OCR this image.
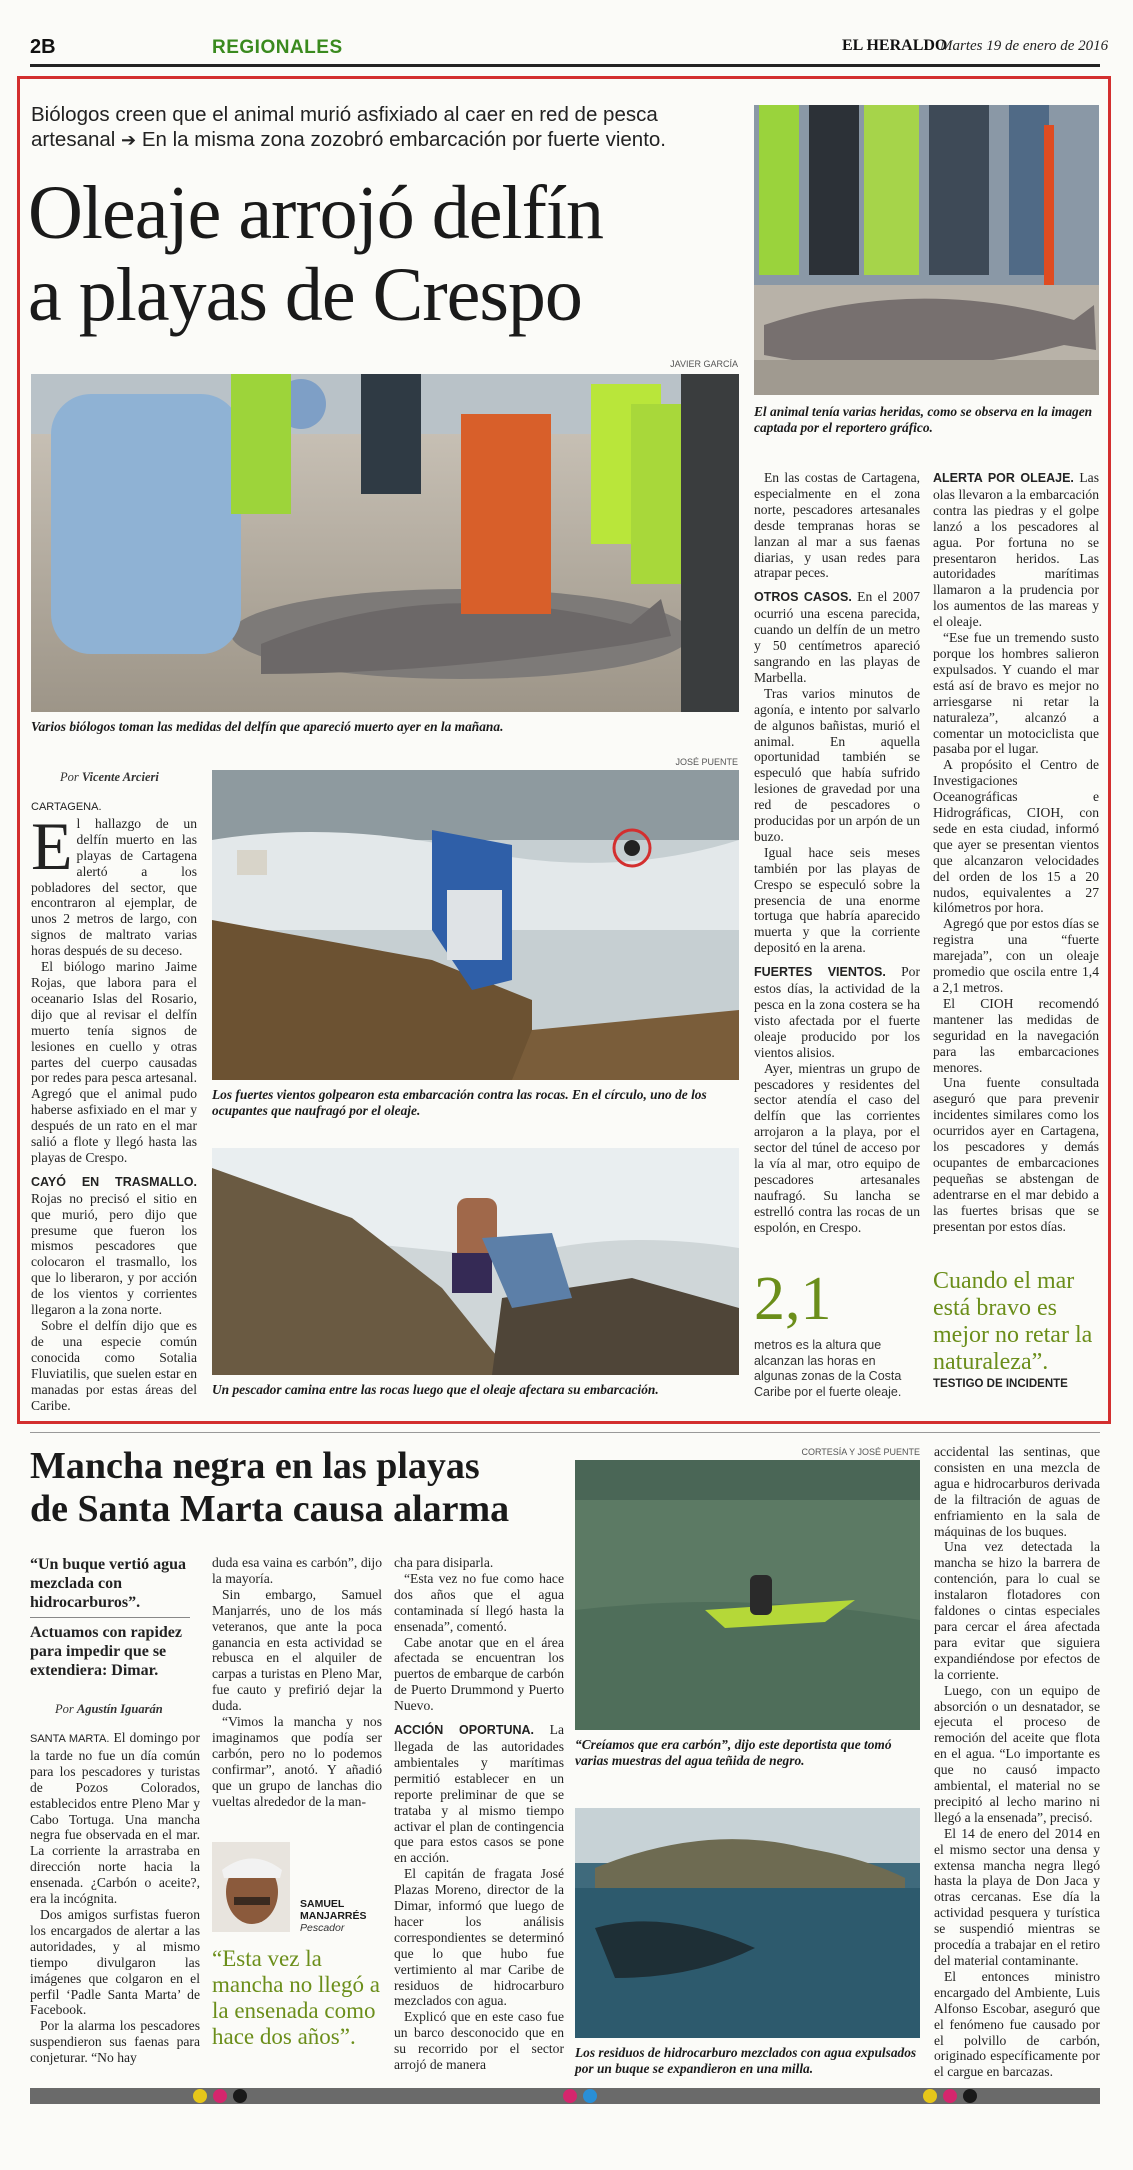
2B	REGIONALES	EL HERALDO
Martes 19 de enero de 2016
Biólogos creen que el animal murió asfixiado al caer en red de pesca artesanal ➔ En la misma zona zozobró embarcación por fuerte viento.
Oleaje arrojó delfín
a playas de Crespo
JAVIER GARCÍA
Varios biólogos toman las medidas del delfín que apareció muerto ayer en la mañana.
El animal tenía varias heridas, como se observa en la imagen captada por el reportero gráfico.
Por Vicente Arcieri

CARTAGENA.

El hallazgo de un delfín muerto en las playas de Cartagena alertó a los pobladores del sector, que encontraron al ejemplar, de unos 2 metros de largo, con signos de maltrato varias horas después de su deceso.

El biólogo marino Jaime Rojas, que labora para el oceanario Islas del Rosario, dijo que al revisar el delfín muerto tenía signos de lesiones en cuello y otras partes del cuerpo causadas por redes para pesca artesanal. Agregó que el animal pudo haberse asfixiado en el mar y después de un rato en el mar salió a flote y llegó hasta las playas de Crespo.

CAYÓ EN TRASMALLO. Rojas no precisó el sitio en que murió, pero dijo que presume que fueron los mismos pescadores que colocaron el trasmallo, los que lo liberaron, y por acción de los vientos y corrientes llegaron a la zona norte.

Sobre el delfín dijo que es de una especie común conocida como Sotalia Fluviatilis, que suelen estar en manadas por estas áreas del Caribe.

JOSÉ PUENTE
Los fuertes vientos golpearon esta embarcación contra las rocas. En el círculo, uno de los ocupantes que naufragó por el oleaje.
Un pescador camina entre las rocas luego que el oleaje afectara su embarcación.

En las costas de Cartagena, especialmente en el zona norte, pescadores artesanales desde tempranas horas se lanzan al mar a sus faenas diarias, y usan redes para atrapar peces.

OTROS CASOS. En el 2007 ocurrió una escena parecida, cuando un delfín de un metro y 50 centímetros apareció sangrando en las playas de Marbella.

Tras varios minutos de agonía, e intento por salvarlo de algunos bañistas, murió el animal. En aquella oportunidad también se especuló que había sufrido lesiones de gravedad por una red de pescadores o producidas por un arpón de un buzo.

Igual hace seis meses también por las playas de Crespo se especuló sobre la presencia de una enorme tortuga que habría aparecido muerta y que la corriente depositó en la arena.

FUERTES VIENTOS. Por estos días, la actividad de la pesca en la zona costera se ha visto afectada por el fuerte oleaje producido por los vientos alisios.

Ayer, mientras un grupo de pescadores y residentes del sector atendía el caso del delfín que las corrientes arrojaron a la playa, por el sector del túnel de acceso por la vía al mar, otro equipo de pescadores artesanales naufragó. Su lancha se estrelló contra las rocas de un espolón, en Crespo.

ALERTA POR OLEAJE. Las olas llevaron a la embarcación contra las piedras y el golpe lanzó a los pescadores al agua. Por fortuna no se presentaron heridos. Las autoridades marítimas llamaron a la prudencia por los aumentos de las mareas y el oleaje.

“Ese fue un tremendo susto porque los hombres salieron expulsados. Y cuando el mar está así de bravo es mejor no arriesgarse ni retar la naturaleza”, alcanzó a comentar un motociclista que pasaba por el lugar.

A propósito el Centro de Investigaciones Oceanográficas e Hidrográficas, CIOH, con sede en esta ciudad, informó que ayer se presentan vientos que alcanzaron velocidades del orden de los 15 a 20 nudos, equivalentes a 27 kilómetros por hora.

Agregó que por estos días se registra una “fuerte marejada”, con un oleaje promedio que oscila entre 1,4 a 2,1 metros.

El CIOH recomendó mantener las medidas de seguridad en la navegación para las embarcaciones menores.

Una fuente consultada aseguró que para prevenir incidentes similares como los ocurridos ayer en Cartagena, los pescadores y demás ocupantes de embarcaciones pequeñas se abstengan de adentrarse en el mar debido a las fuertes brisas que se presentan por estos días.

2,1
metros es la altura que alcanzan las horas en algunas zonas de la Costa Caribe por el fuerte oleaje.
Cuando el mar está bravo es mejor no retar la naturaleza”.
TESTIGO DE INCIDENTE
Mancha negra en las playas
de Santa Marta causa alarma
“Un buque vertió agua mezclada con hidrocarburos”.
Actuamos con rapidez para impedir que se extendiera: Dimar.
Por Agustín Iguarán

SANTA MARTA. El domingo por la tarde no fue un día común para los pescadores y turistas de Pozos Colorados, establecidos entre Pleno Mar y Cabo Tortuga. Una mancha negra fue observada en el mar. La corriente la arrastraba en dirección norte hacia la ensenada. ¿Carbón o aceite?, era la incógnita.

Dos amigos surfistas fueron los encargados de alertar a las autoridades, y al mismo tiempo divulgaron las imágenes que colgaron en el perfil ‘Padle Santa Marta’ de Facebook.

Por la alarma los pescadores suspendieron sus faenas para conjeturar. “No hay

duda esa vaina es carbón”, dijo la mayoría.

Sin embargo, Samuel Manjarrés, uno de los más veteranos, que ante la poca ganancia en esta actividad se rebusca en el alquiler de carpas a turistas en Pleno Mar, fue cauto y prefirió dejar la duda.

“Vimos la mancha y nos imaginamos que podía ser carbón, pero no lo podemos confirmar”, anotó. Y añadió que un grupo de lanchas dio vueltas alrededor de la man-

SAMUEL MANJARRÉS
Pescador
“Esta vez la mancha no llegó a la ensenada como hace dos años”.

cha para disiparla.

“Esta vez no fue como hace dos años que el agua contaminada sí llegó hasta la ensenada”, comentó.

Cabe anotar que en el área afectada se encuentran los puertos de embarque de carbón de Puerto Drummond y Puerto Nuevo.

ACCIÓN OPORTUNA. La llegada de las autoridades ambientales y marítimas permitió establecer en un reporte preliminar de que se trataba y al mismo tiempo activar el plan de contingencia que para estos casos se pone en acción.

El capitán de fragata José Plazas Moreno, director de la Dimar, informó que luego de hacer los análisis correspondientes se determinó que lo que hubo fue vertimiento al mar Caribe de residuos de hidrocarburo mezclados con agua.

Explicó que en este caso fue un barco desconocido que en su recorrido por el sector arrojó de manera

CORTESÍA Y JOSÉ PUENTE
“Creíamos que era carbón”, dijo este deportista que tomó varias muestras del agua teñida de negro.
Los residuos de hidrocarburo mezclados con agua expulsados por un buque se expandieron en una milla.

accidental las sentinas, que consisten en una mezcla de agua e hidrocarburos derivada de la filtración de aguas de enfriamiento en la sala de máquinas de los buques.

Una vez detectada la mancha se hizo la barrera de contención, para lo cual se instalaron flotadores con faldones o cintas especiales para cercar el área afectada para evitar que siguiera expandiéndose por efectos de la corriente.

Luego, con un equipo de absorción o un desnatador, se ejecuta el proceso de remoción del aceite que flota en el agua. “Lo importante es que no causó impacto ambiental, el material no se precipitó al lecho marino ni llegó a la ensenada”, precisó.

El 14 de enero del 2014 en el mismo sector una densa y extensa mancha negra llegó hasta la playa de Don Jaca y otras cercanas. Ese día la actividad pesquera y turística se suspendió mientras se procedía a trabajar en el retiro del material contaminante.

El entonces ministro encargado del Ambiente, Luis Alfonso Escobar, aseguró que el fenómeno fue causado por el polvillo de carbón, originado específicamente por el cargue en barcazas.
